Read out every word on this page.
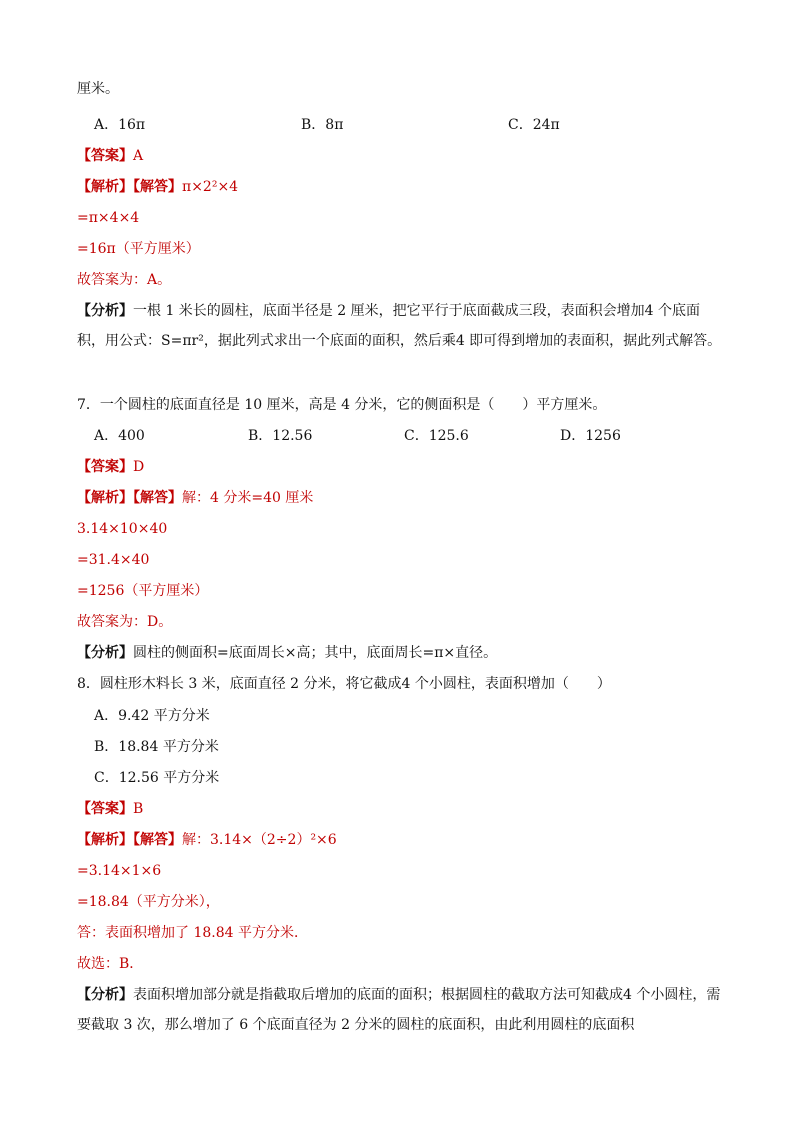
厘米。
A．16π	B．8π	C．24π
【答案】A
【解析】【解答】π×2²×4
=π×4×4
=16π（平方厘米）
故答案为：A。
【分析】一根 1 米长的圆柱，底面半径是 2 厘米，把它平行于底面截成三段，表面积会增加4 个底面积，用公式：S=πr²，据此列式求出一个底面的面积，然后乘4 即可得到增加的表面积，据此列式解答。
7．一个圆柱的底面直径是 10 厘米，高是 4 分米，它的侧面积是（　　）平方厘米。
A．400	B．12.56	C．125.6	D．1256
【答案】D
【解析】【解答】解：4 分米=40 厘米
3.14×10×40
=31.4×40
=1256（平方厘米）
故答案为：D。
【分析】圆柱的侧面积=底面周长×高；其中，底面周长=π×直径。
8．圆柱形木料长 3 米，底面直径 2 分米，将它截成4 个小圆柱，表面积增加（　　）
A．9.42 平方分米
B．18.84 平方分米
C．12.56 平方分米
【答案】B
【解析】【解答】解：3.14×（2÷2）²×6
=3.14×1×6
=18.84（平方分米），
答：表面积增加了 18.84 平方分米．
故选：B．
【分析】表面积增加部分就是指截取后增加的底面的面积；根据圆柱的截取方法可知截成4 个小圆柱，需要截取 3 次，那么增加了 6 个底面直径为 2 分米的圆柱的底面积，由此利用圆柱的底面积
